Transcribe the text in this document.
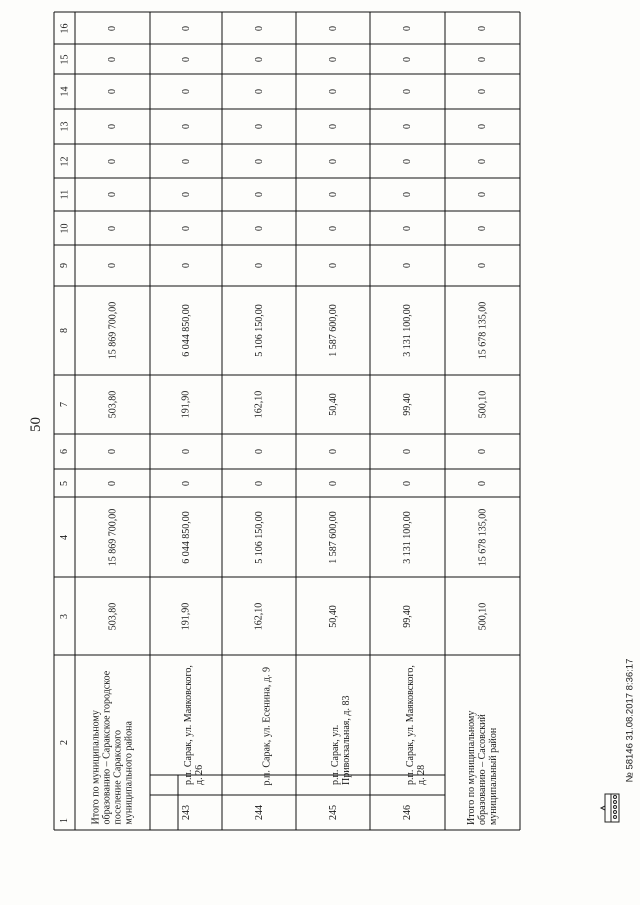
Итого по муниципальному образованию – Саракское городское поселение Саракского муниципального района
1
2
3
4
5
6
7
8
9
10
11
12
13
14
15
16
503,80
15 869 700,00
0
0
503,80
15 869 700,00
0
0
0
0
0
0
0
0
191,90
6 044 850,00
0
0
191,90
6 044 850,00
0
0
0
0
0
0
0
0
162,10
5 106 150,00
0
0
162,10
5 106 150,00
0
0
0
0
0
0
0
0
50,40
1 587 600,00
0
0
50,40
1 587 600,00
0
0
0
0
0
0
0
0
99,40
3 131 100,00
0
0
99,40
3 131 100,00
0
0
0
0
0
0
0
0
500,10
15 678 135,00
0
0
500,10
15 678 135,00
0
0
0
0
0
0
0
0
243
р.п. Сарак, ул. Маяковского, д. 26
244
р.п. Сарак, ул. Есенина, д. 9
245
р.п. Сарак, ул. Привокзальная, д. 83
246
р.п. Сарак, ул. Маяковского, д. 28	Итого по муниципальному образованию – Сасовский муниципальный район
50
№ 58146 31.08.2017 8:36:17
